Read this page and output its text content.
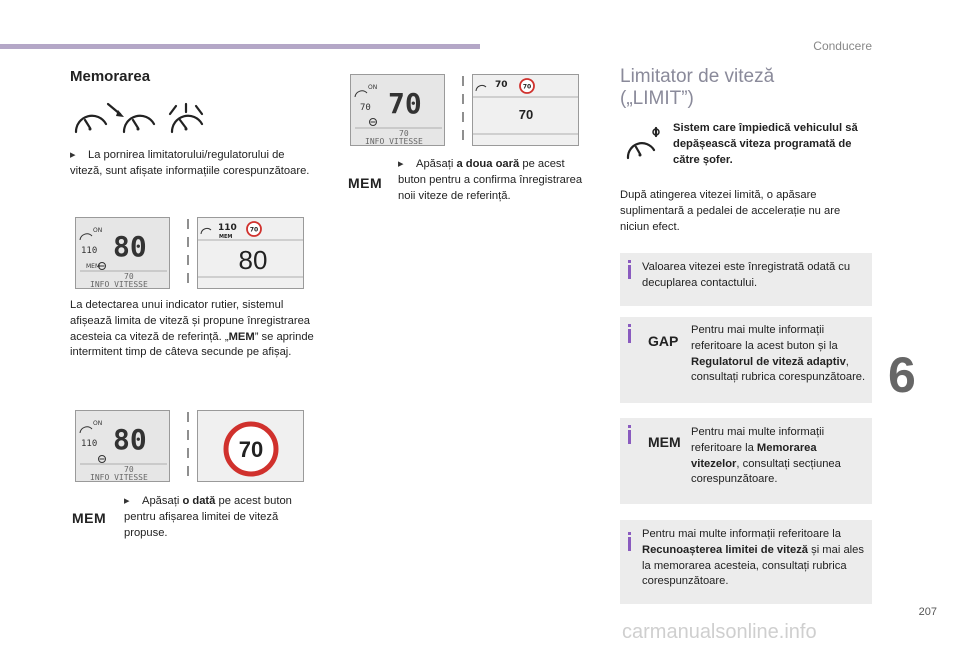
Conducere
6
207
carmanualsonline.info
Memorarea
▸ La pornirea limitatorului/regulatorului de viteză, sunt afișate informațiile corespunzătoare.
ON
110 80
MEM
70
INFO VITESSE
110
MEM
70
80
La detectarea unui indicator rutier, sistemul afișează limita de viteză și propune înregistrarea acesteia ca viteză de referință. „MEM” se aprinde intermitent timp de câteva secunde pe afișaj.
ON
110 80
70
INFO VITESSE
70
MEM
▸ Apăsați o dată pe acest buton pentru afișarea limitei de viteză propuse.
ON
70 70
70
INFO VITESSE
70	70
70
MEM
▸ Apăsați a doua oară pe acest buton pentru a confirma înregistrarea noii viteze de referință.
Limitator de viteză
(„LIMIT”)
Sistem care împiedică vehiculul să depășească viteza programată de către șofer.
După atingerea vitezei limită, o apăsare suplimentară a pedalei de accelerație nu are niciun efect.
Valoarea vitezei este înregistrată odată cu decuplarea contactului.
GAP
Pentru mai multe informații referitoare la acest buton și la Regulatorul de viteză adaptiv, consultați rubrica corespunzătoare.
MEM
Pentru mai multe informații referitoare la Memorarea vitezelor, consultați secțiunea corespunzătoare.
Pentru mai multe informații referitoare la Recunoașterea limitei de viteză și mai ales la memorarea acesteia, consultați rubrica corespunzătoare.
